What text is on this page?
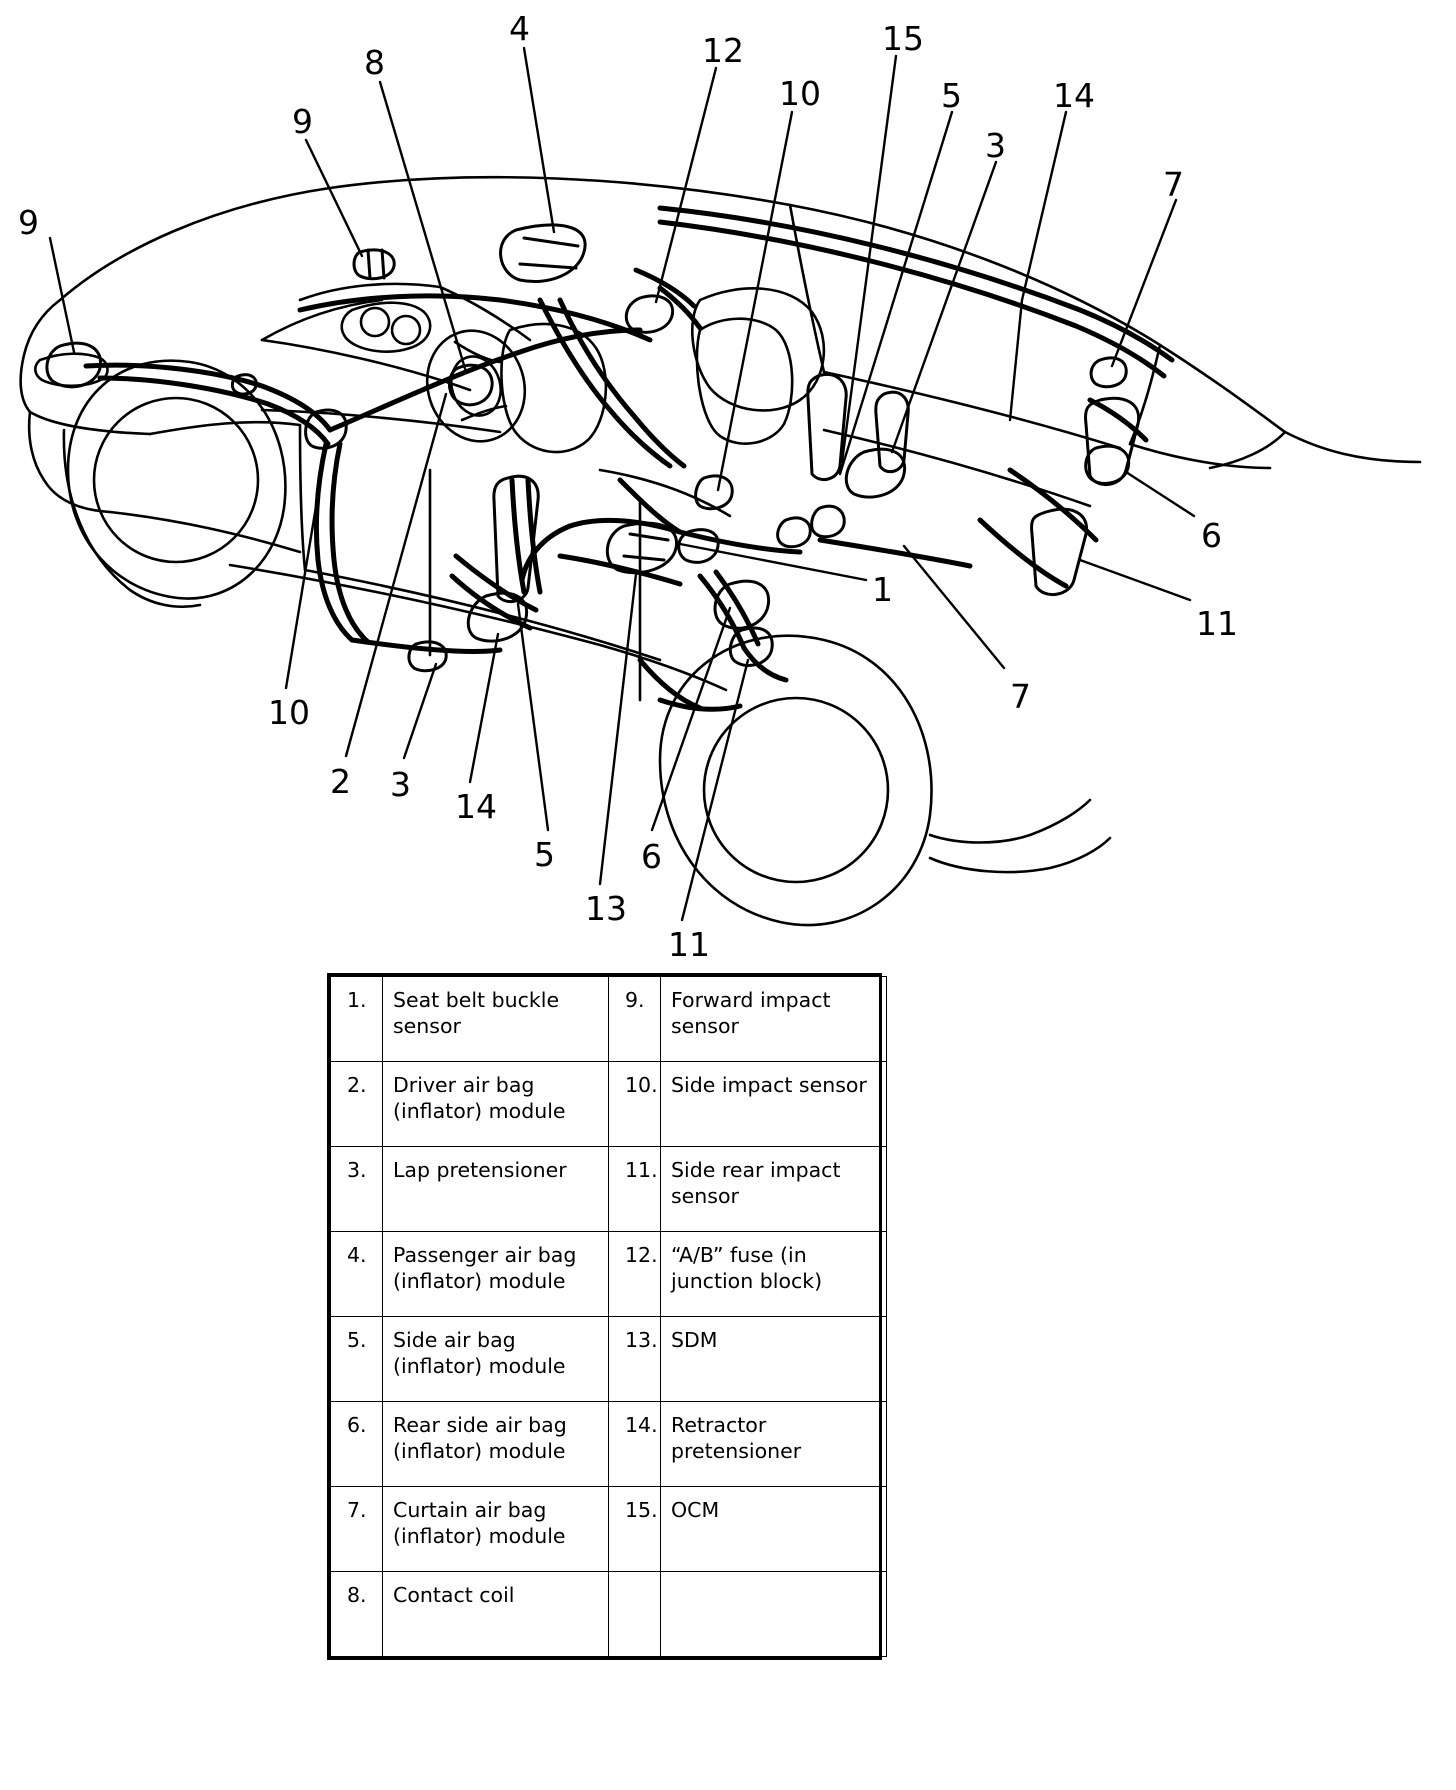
9
9
8
4
12
10
15
5
3
14
7
6
11
1
7
10
2 3
14
5	6
13
11
1.	Seat belt buckle sensor	9.	Forward impact sensor
2.	Driver air bag (inflator) module	10.	Side impact sensor
3.	Lap pretensioner	11.	Side rear impact sensor
4.	Passenger air bag (inflator) module	12.	“A/B” fuse (in junction block)
5.	Side air bag (inflator) module	13.	SDM
6.	Rear side air bag (inflator) module	14.	Retractor pretensioner
7.	Curtain air bag (inflator) module	15.	OCM
8.	Contact coil		
